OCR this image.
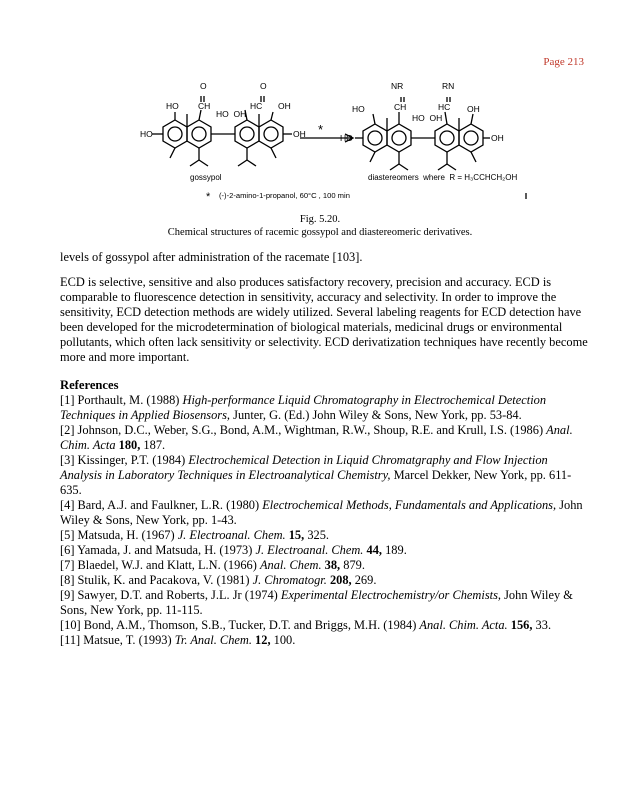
Page 213
O	O
CH	HC
HO	OH
HO  OH
HO	OH
NR	RN
CH	HC
HO	OH
HO  OH
HO	OH
*
gossypol	diastereomers  where  R = H₃CCHCH₂OH
* (-)-2-amino-1-propanol, 60°C , 100 min
Fig. 5.20.
Chemical structures of racemic gossypol and diastereomeric derivatives.

levels of gossypol after administration of the racemate [103].

ECD is selective, sensitive and also produces satisfactory recovery, precision and accuracy. ECD is comparable to fluorescence detection in sensitivity, accuracy and selectivity. In order to improve the sensitivity, ECD detection methods are widely utilized. Several labeling reagents for ECD detection have been developed for the microdetermination of biological materials, medicinal drugs or environmental pollutants, which often lack sensitivity or selectivity. ECD derivatization techniques have recently become more and more important.

References

[1] Porthault, M. (1988) High-performance Liquid Chromatography in Electrochemical Detection Techniques in Applied Biosensors, Junter, G. (Ed.) John Wiley & Sons, New York, pp. 53-84.

[2] Johnson, D.C., Weber, S.G., Bond, A.M., Wightman, R.W., Shoup, R.E. and Krull, I.S. (1986) Anal. Chim. Acta 180, 187.

[3] Kissinger, P.T. (1984) Electrochemical Detection in Liquid Chromatgraphy and Flow Injection Analysis in Laboratory Techniques in Electroanalytical Chemistry, Marcel Dekker, New York, pp. 611-635.

[4] Bard, A.J. and Faulkner, L.R. (1980) Electrochemical Methods, Fundamentals and Applications, John Wiley & Sons, New York, pp. 1-43.

[5] Matsuda, H. (1967) J. Electroanal. Chem. 15, 325.

[6] Yamada, J. and Matsuda, H. (1973) J. Electroanal. Chem. 44, 189.

[7] Blaedel, W.J. and Klatt, L.N. (1966) Anal. Chem. 38, 879.

[8] Stulik, K. and Pacakova, V. (1981) J. Chromatogr. 208, 269.

[9] Sawyer, D.T. and Roberts, J.L. Jr (1974) Experimental Electrochemistry/or Chemists, John Wiley & Sons, New York, pp. 11-115.

[10] Bond, A.M., Thomson, S.B., Tucker, D.T. and Briggs, M.H. (1984) Anal. Chim. Acta. 156, 33.

[11] Matsue, T. (1993) Tr. Anal. Chem. 12, 100.
